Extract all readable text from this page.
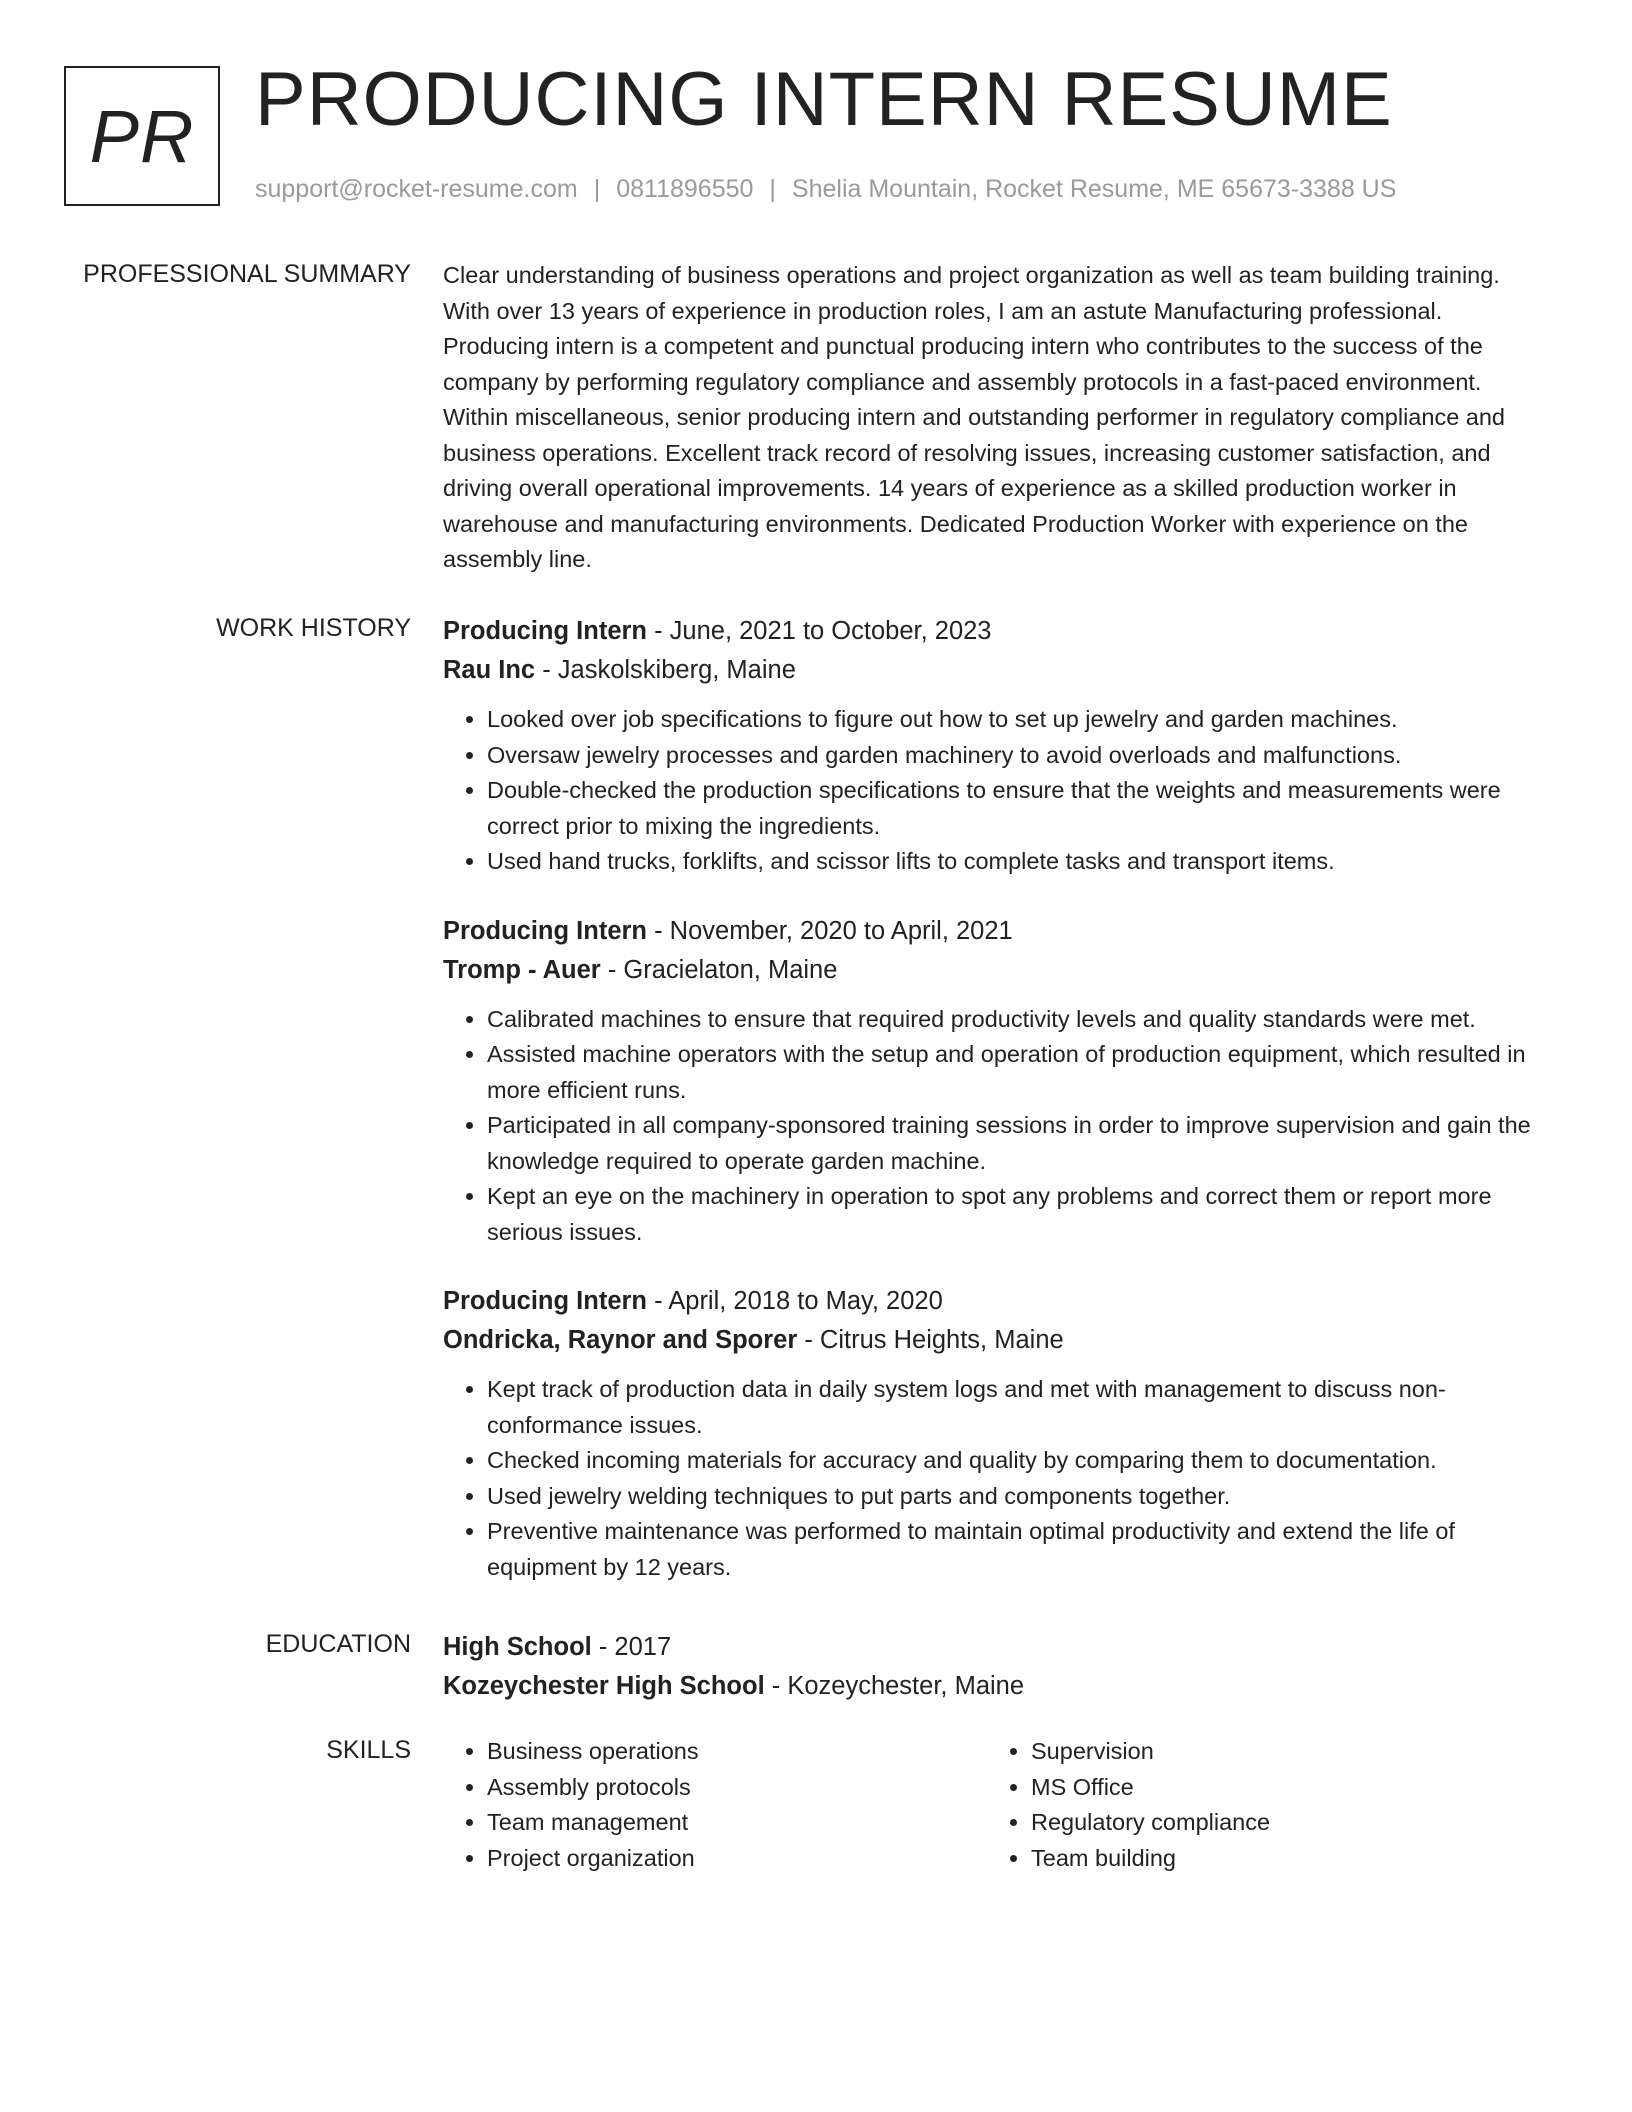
PR PRODUCING INTERN RESUME
support@rocket-resume.com | 0811896550 | Shelia Mountain, Rocket Resume, ME 65673-3388 US
PROFESSIONAL SUMMARY Clear understanding of business operations and project organization as well as team building training. With over 13 years of experience in production roles, I am an astute Manufacturing professional. Producing intern is a competent and punctual producing intern who contributes to the success of the company by performing regulatory compliance and assembly protocols in a fast-paced environment. Within miscellaneous, senior producing intern and outstanding performer in regulatory compliance and business operations. Excellent track record of resolving issues, increasing customer satisfaction, and driving overall operational improvements. 14 years of experience as a skilled production worker in warehouse and manufacturing environments. Dedicated Production Worker with experience on the assembly line.

WORK HISTORY Producing Intern - June, 2021 to October, 2023
Rau Inc - Jaskolskiberg, Maine
• Looked over job specifications to figure out how to set up jewelry and garden machines.
• Oversaw jewelry processes and garden machinery to avoid overloads and malfunctions.
• Double-checked the production specifications to ensure that the weights and measurements were correct prior to mixing the ingredients.
• Used hand trucks, forklifts, and scissor lifts to complete tasks and transport items.
Producing Intern - November, 2020 to April, 2021
Tromp - Auer - Gracielaton, Maine
• Calibrated machines to ensure that required productivity levels and quality standards were met.
• Assisted machine operators with the setup and operation of production equipment, which resulted in more efficient runs.
• Participated in all company-sponsored training sessions in order to improve supervision and gain the knowledge required to operate garden machine.
• Kept an eye on the machinery in operation to spot any problems and correct them or report more serious issues.
Producing Intern - April, 2018 to May, 2020
Ondricka, Raynor and Sporer - Citrus Heights, Maine
• Kept track of production data in daily system logs and met with management to discuss non-conformance issues.
• Checked incoming materials for accuracy and quality by comparing them to documentation.
• Used jewelry welding techniques to put parts and components together.
• Preventive maintenance was performed to maintain optimal productivity and extend the life of equipment by 12 years.
EDUCATION High School - 2017
Kozeychester High School - Kozeychester, Maine
SKILLS
•	Business operations
• Assembly protocols
• Team management
• Project organization
• Supervision
• MS Office
• Regulatory compliance
• Team building
